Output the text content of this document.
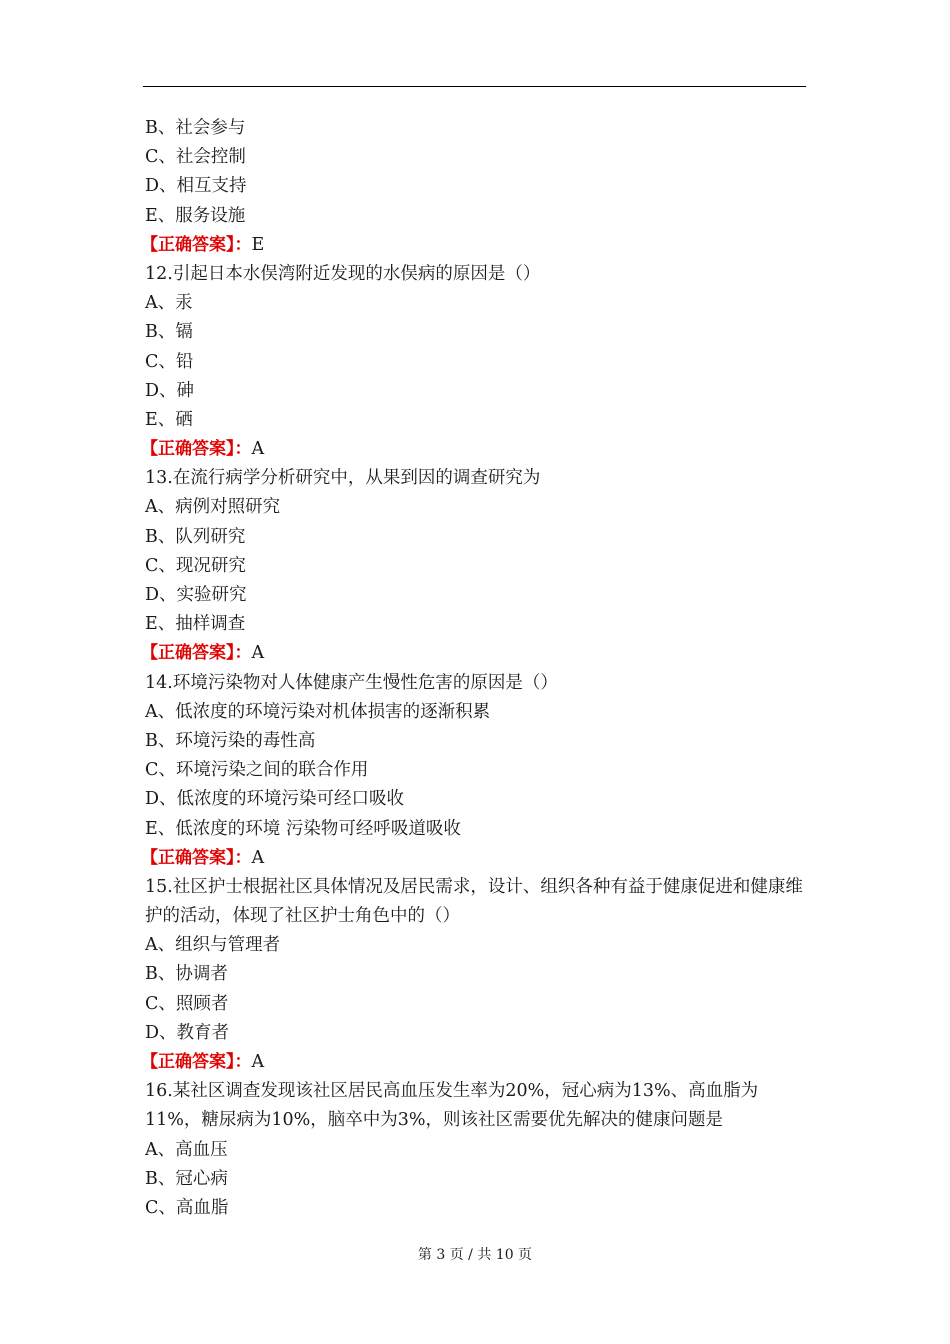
B、社会参与
C、社会控制
D、相互支持
E、服务设施
【正确答案】：E
12.引起日本水俣湾附近发现的水俣病的原因是（）
A、汞
B、镉
C、铅
D、砷
E、硒
【正确答案】：A
13.在流行病学分析研究中，从果到因的调查研究为
A、病例对照研究
B、队列研究
C、现况研究
D、实验研究
E、抽样调查
【正确答案】：A
14.环境污染物对人体健康产生慢性危害的原因是（）
A、低浓度的环境污染对机体损害的逐渐积累
B、环境污染的毒性高
C、环境污染之间的联合作用
D、低浓度的环境污染可经口吸收
E、低浓度的环境 污染物可经呼吸道吸收
【正确答案】：A
15.社区护士根据社区具体情况及居民需求，设计、组织各种有益于健康促进和健康维护的活动，体现了社区护士角色中的（）
A、组织与管理者
B、协调者
C、照顾者
D、教育者
【正确答案】：A
16.某社区调查发现该社区居民高血压发生率为20%，冠心病为13%、高血脂为11%，糖尿病为10%，脑卒中为3%，则该社区需要优先解决的健康问题是
A、高血压
B、冠心病
C、高血脂
第 3 页 / 共 10 页
